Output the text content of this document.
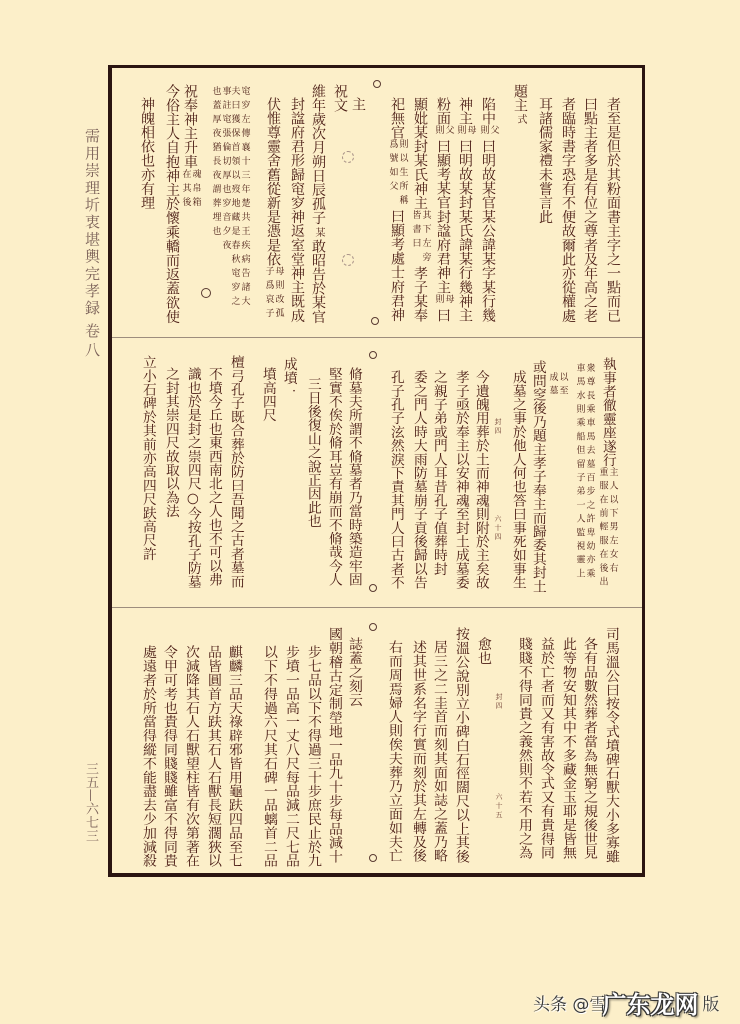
需用崇理圻衷堪輿完孝録
卷八
三五—六七三
者至是但於其粉面書主字之一點而已
曰點主者多是有位之尊者及年高之老
者臨時書字恐有不便故爾此亦從權處
耳諸儒家禮未嘗言此
題主
式
陷中
父
則
曰明故某官某公諱某字某行幾
神主
母
則
曰明故某封某氏諱某行幾神主
粉面
父
則
曰顯考某官封諡府君神主
母
則
曰
顯妣某封某氏神主
其下左旁
皆書曰
孝子某奉
祀無官
則以生所稱
爲號如父
曰顯考處士府君神
主
祝文
維年歲次月朔日辰孤子
某
敢昭告於某官
封諡府君形歸窀穸神返室堂神主既成
伏惟尊靈舍舊從新是憑是依
母則改孤
子爲哀子
窀穸左傳襄十三年楚共王疾病告諸大
夫曰獲保首領以歿地藏是春秋窀穸之
事註窀張倫切厚也穸音夕夜
也蓋厚夜猶長夜謂葬埋也
祝奉神主升車
魂帛箱
在其後
今俗主人自抱神主於懷乘轎而返蓋欲使
神魄相依也亦有理
執事者徹靈座遂行
主人以下男左女右
重服在前輕服在後出
衆尊長乘車馬去墓百步之許卑幼亦乘
車馬水則乘船但留子弟一人監視靈上
以至
成墓
或問窆後乃題主孝子奉主而歸委其封土
成墓之事於他人何也答曰事死如事生
封四
六十四
今遺魄用葬於土而神魂則附於主矣故
孝子亟於奉主以安神魂至封土成墓委
之親子弟或門人耳昔孔子值葬時封
委之門人時大雨防墓崩子貢後歸以告
孔子孔子泫然淚下責其門人曰古者不
脩墓夫所謂不脩墓者乃當時築造牢固
堅實不俟於脩耳豈有崩而不脩哉今人
三日後復山之說正因此也
成墳
·
墳高四尺
檀弓孔子既合葬於防曰吾聞之古者墓而
不墳今丘也東西南北之人也不可以弗
識也於是封之崇四尺○今按孔子防墓
之封其崇四尺故取以為法
立小石碑於其前亦高四尺趺高尺許
司馬溫公曰按令式墳碑石獸大小多寡雖
各有品數然葬者當為無窮之規後世見
此等物安知其中不多藏金玉耶是皆無
益於亡者而又有害故令式又有貴得同
賤賤不得同貴之義然則不若不用之為
封四
六十五
愈也
按溫公說別立小碑白石徑闊尺以上其後
居三之二圭首而刻其面如誌之蓋乃略
述其世系名字行實而刻於其左轉及後
右而周焉婦人則俟夫葬乃立面如夫亡
誌蓋之刻云
國朝稽古定制塋地一品九十步每品減十
步七品以下不得過三十步庶民止於九
步墳一品高一丈八尺每品減二尺七品
以下不得過六尺其石碑一品螭首二品
麒麟三品天祿辟邪皆用龜趺四品至七
品皆圓首方趺其石人石獸長短濶狹以
次減降其石人石獸望柱皆有次第著在
令甲可考也貴得同賤賤雖富不得同貴
處遠者於所當得縱不能盡去少加減殺
头条 @雪
广东龙网 版
